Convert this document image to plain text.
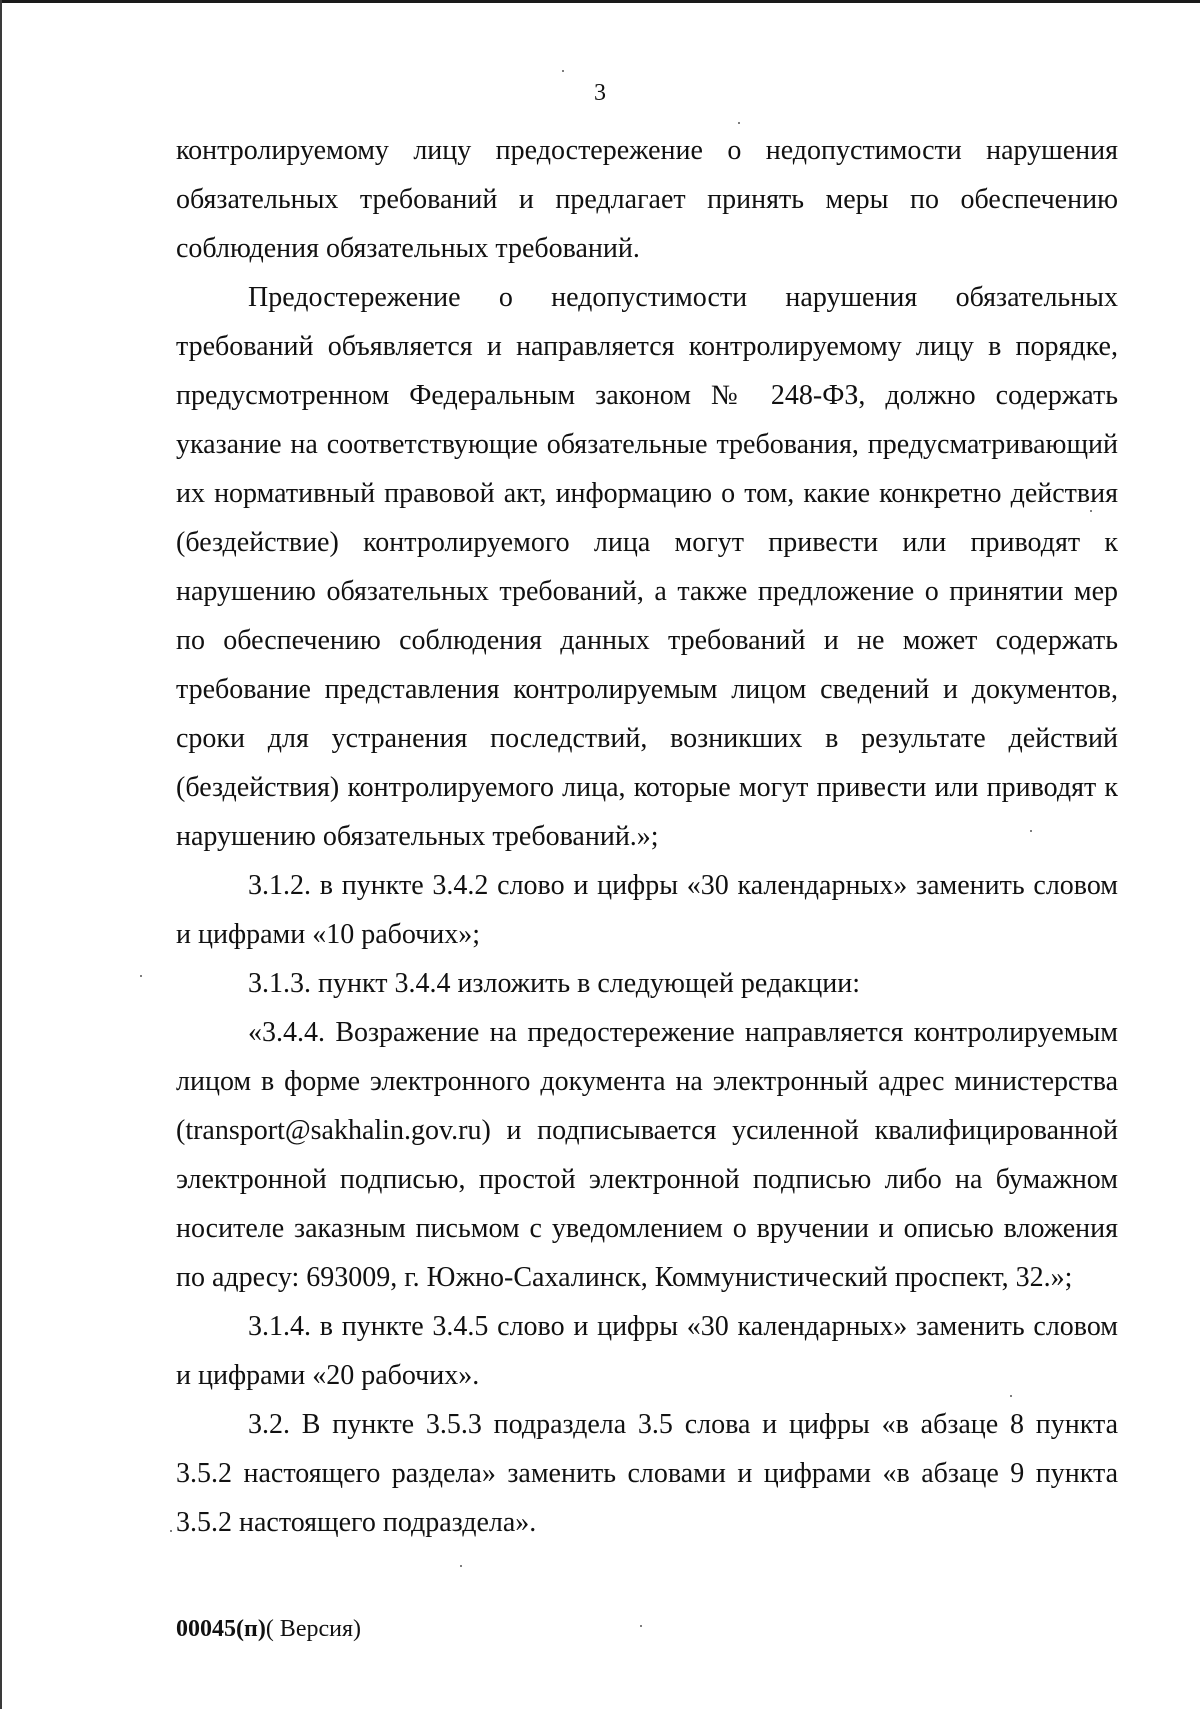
3

контролируемому лицу предостережение о недопустимости нарушения обязательных требований и предлагает принять меры по обеспечению соблюдения обязательных требований.

Предостережение о недопустимости нарушения обязательных требований объявляется и направляется контролируемому лицу в порядке, предусмотренном Федеральным законом № 248-ФЗ, должно содержать указание на соответствующие обязательные требования, предусматривающий их нормативный правовой акт, информацию о том, какие конкретно действия (бездействие) контролируемого лица могут привести или приводят к нарушению обязательных требований, а также предложение о принятии мер по обеспечению соблюдения данных требований и не может содержать требование представления контролируемым лицом сведений и документов, сроки для устранения последствий, возникших в результате действий (бездействия) контролируемого лица, которые могут привести или приводят к нарушению обязательных требований.»;

3.1.2. в пункте 3.4.2 слово и цифры «30 календарных» заменить словом и цифрами «10 рабочих»;

3.1.3. пункт 3.4.4 изложить в следующей редакции:

«3.4.4. Возражение на предостережение направляется контролируемым лицом в форме электронного документа на электронный адрес министерства (transport@sakhalin.gov.ru) и подписывается усиленной квалифицированной электронной подписью, простой электронной подписью либо на бумажном носителе заказным письмом с уведомлением о вручении и описью вложения по адресу: 693009, г. Южно-Сахалинск, Коммунистический проспект, 32.»;

3.1.4. в пункте 3.4.5 слово и цифры «30 календарных» заменить словом и цифрами «20 рабочих».

3.2. В пункте 3.5.3 подраздела 3.5 слова и цифры «в абзаце 8 пункта 3.5.2 настоящего раздела» заменить словами и цифрами «в абзаце 9 пункта 3.5.2 настоящего подраздела».

00045(п)( Версия)
